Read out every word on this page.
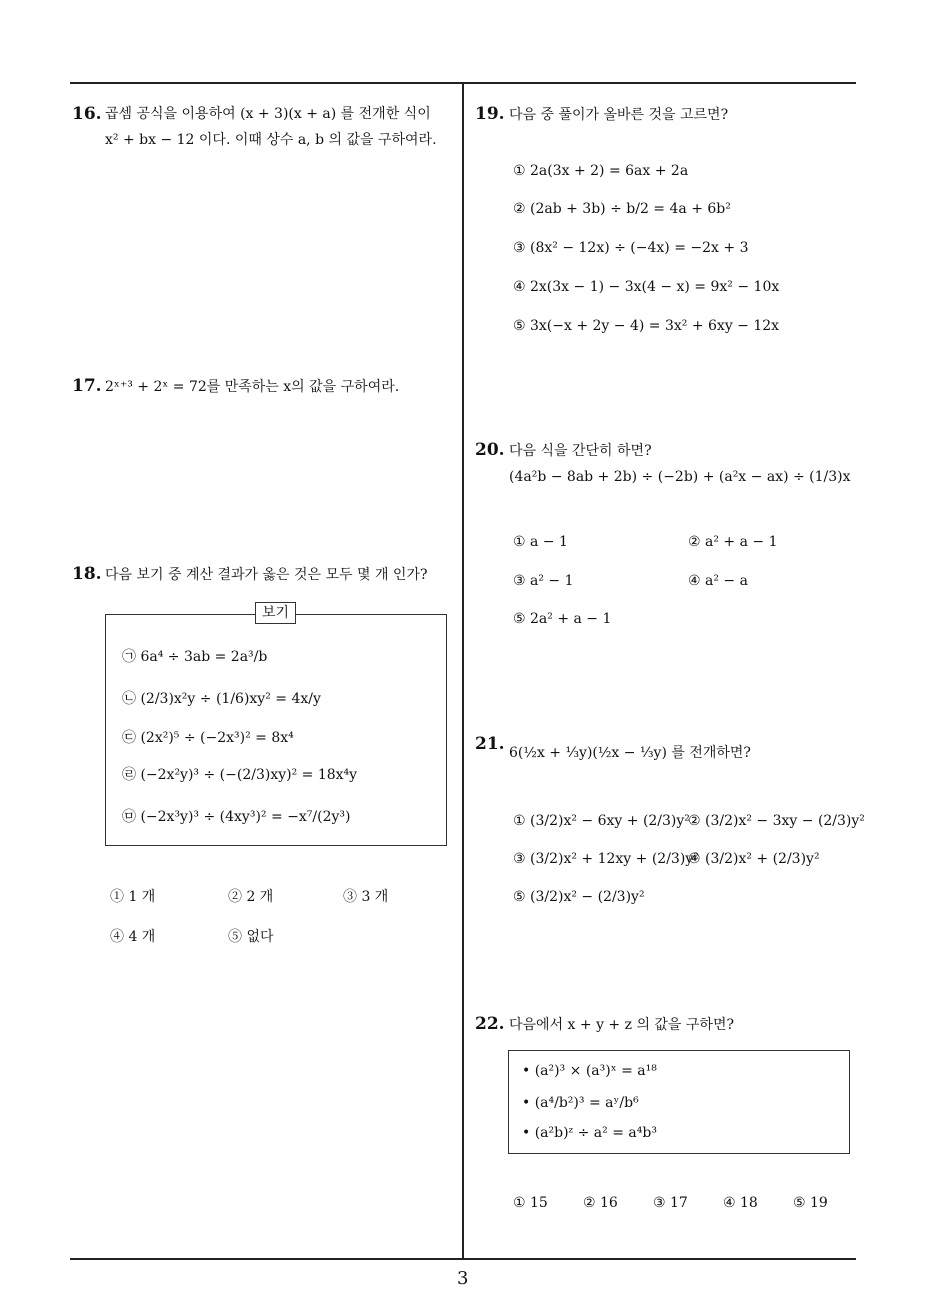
3
16. 곱셈 공식을 이용하여 (x + 3)(x + a) 를 전개한 식이
x² + bx − 12 이다. 이때 상수 a, b 의 값을 구하여라.
17. 2ˣ⁺³ + 2ˣ = 72를 만족하는 x의 값을 구하여라.
18. 다음 보기 중 계산 결과가 옳은 것은 모두 몇 개 인가?
보기
㉠ 6a⁴ ÷ 3ab = 2a³/b
㉡ (2/3)x²y ÷ (1/6)xy² = 4x/y
㉢ (2x²)⁵ ÷ (−2x³)² = 8x⁴
㉣ (−2x²y)³ ÷ (−(2/3)xy)² = 18x⁴y
㉤ (−2x³y)³ ÷ (4xy³)² = −x⁷/(2y³)
① 1 개	② 2 개	③ 3 개
④ 4 개	⑤ 없다
19. 다음 중 풀이가 올바른 것을 고르면?
① 2a(3x + 2) = 6ax + 2a
② (2ab + 3b) ÷ b/2 = 4a + 6b²
③ (8x² − 12x) ÷ (−4x) = −2x + 3
④ 2x(3x − 1) − 3x(4 − x) = 9x² − 10x
⑤ 3x(−x + 2y − 4) = 3x² + 6xy − 12x
20. 다음 식을 간단히 하면?
(4a²b − 8ab + 2b) ÷ (−2b) + (a²x − ax) ÷ (1/3)x
① a − 1	② a² + a − 1
③ a² − 1	④ a² − a
⑤ 2a² + a − 1
21. 6(½x + ⅓y)(½x − ⅓y) 를 전개하면?
① (3/2)x² − 6xy + (2/3)y²
② (3/2)x² − 3xy − (2/3)y²
③ (3/2)x² + 12xy + (2/3)y²
④ (3/2)x² + (2/3)y²
⑤ (3/2)x² − (2/3)y²
22. 다음에서 x + y + z 의 값을 구하면?
• (a²)³ × (a³)ˣ = a¹⁸
• (a⁴/b²)³ = aʸ/b⁶
• (a²b)ᶻ ÷ a² = a⁴b³
① 15	② 16	③ 17	④ 18	⑤ 19
